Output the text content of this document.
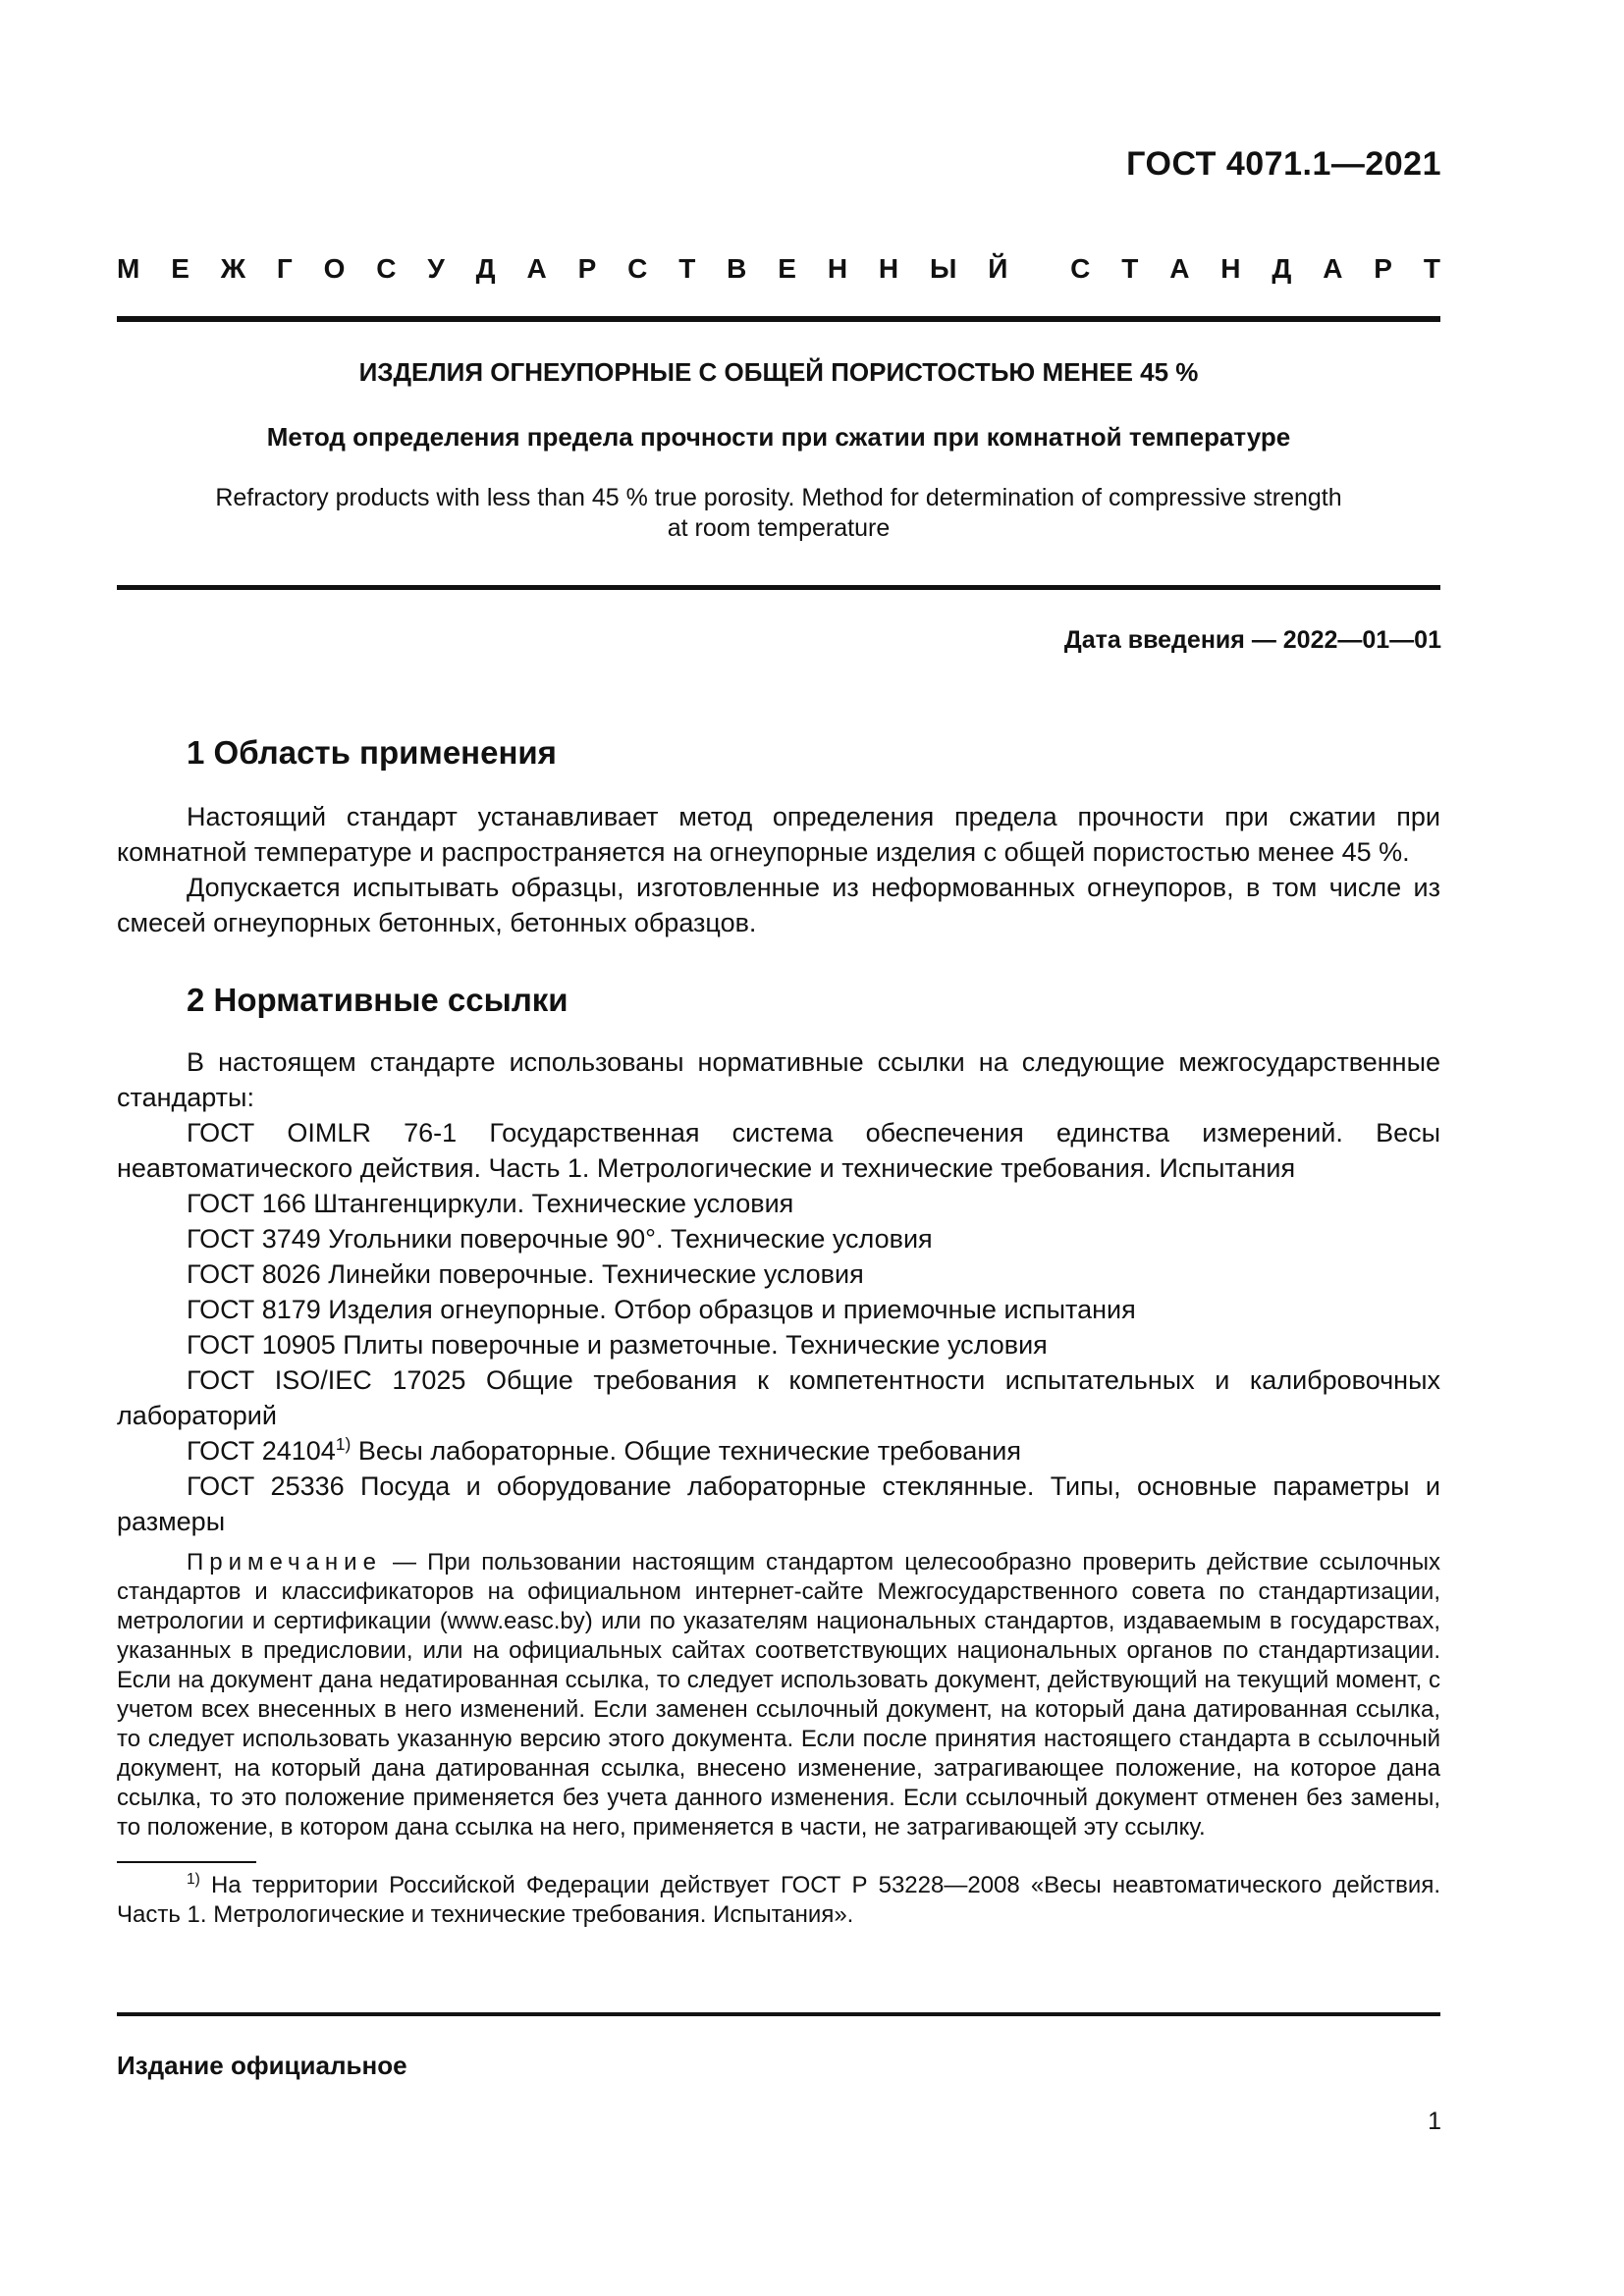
ГОСТ 4071.1—2021
М Е Ж Г О С У Д А Р С Т В Е Н Н Ы Й С Т А Н Д А Р Т
ИЗДЕЛИЯ ОГНЕУПОРНЫЕ С ОБЩЕЙ ПОРИСТОСТЬЮ МЕНЕЕ 45 %
Метод определения предела прочности при сжатии при комнатной температуре
Refractory products with less than 45 % true porosity. Method for determination of compressive strength
at room temperature
Дата введения — 2022—01—01
1 Область применения

Настоящий стандарт устанавливает метод определения предела прочности при сжатии при комнатной температуре и распространяется на огнеупорные изделия с общей пористостью менее 45 %.

Допускается испытывать образцы, изготовленные из неформованных огнеупоров, в том числе из смесей огнеупорных бетонных, бетонных образцов.

2 Нормативные ссылки

В настоящем стандарте использованы нормативные ссылки на следующие межгосударственные стандарты:

ГОСТ OIMLR 76-1 Государственная система обеспечения единства измерений. Весы неавтоматического действия. Часть 1. Метрологические и технические требования. Испытания

ГОСТ 166 Штангенциркули. Технические условия

ГОСТ 3749 Угольники поверочные 90°. Технические условия

ГОСТ 8026 Линейки поверочные. Технические условия

ГОСТ 8179 Изделия огнеупорные. Отбор образцов и приемочные испытания

ГОСТ 10905 Плиты поверочные и разметочные. Технические условия

ГОСТ ISO/IEC 17025 Общие требования к компетентности испытательных и калибровочных лабораторий

ГОСТ 24104$^{1)}$ Весы лабораторные. Общие технические требования

ГОСТ 25336 Посуда и оборудование лабораторные стеклянные. Типы, основные параметры и размеры

Примечание — При пользовании настоящим стандартом целесообразно проверить действие ссылочных стандартов и классификаторов на официальном интернет-сайте Межгосударственного совета по стандартизации, метрологии и сертификации (www.easc.by) или по указателям национальных стандартов, издаваемым в государствах, указанных в предисловии, или на официальных сайтах соответствующих национальных органов по стандартизации. Если на документ дана недатированная ссылка, то следует использовать документ, действующий на текущий момент, с учетом всех внесенных в него изменений. Если заменен ссылочный документ, на который дана датированная ссылка, то следует использовать указанную версию этого документа. Если после принятия настоящего стандарта в ссылочный документ, на который дана датированная ссылка, внесено изменение, затрагивающее положение, на которое дана ссылка, то это положение применяется без учета данного изменения. Если ссылочный документ отменен без замены, то положение, в котором дана ссылка на него, применяется в части, не затрагивающей эту ссылку.

$^{1)}$ На территории Российской Федерации действует ГОСТ Р 53228—2008 «Весы неавтоматического действия. Часть 1. Метрологические и технические требования. Испытания».

Издание официальное
1
